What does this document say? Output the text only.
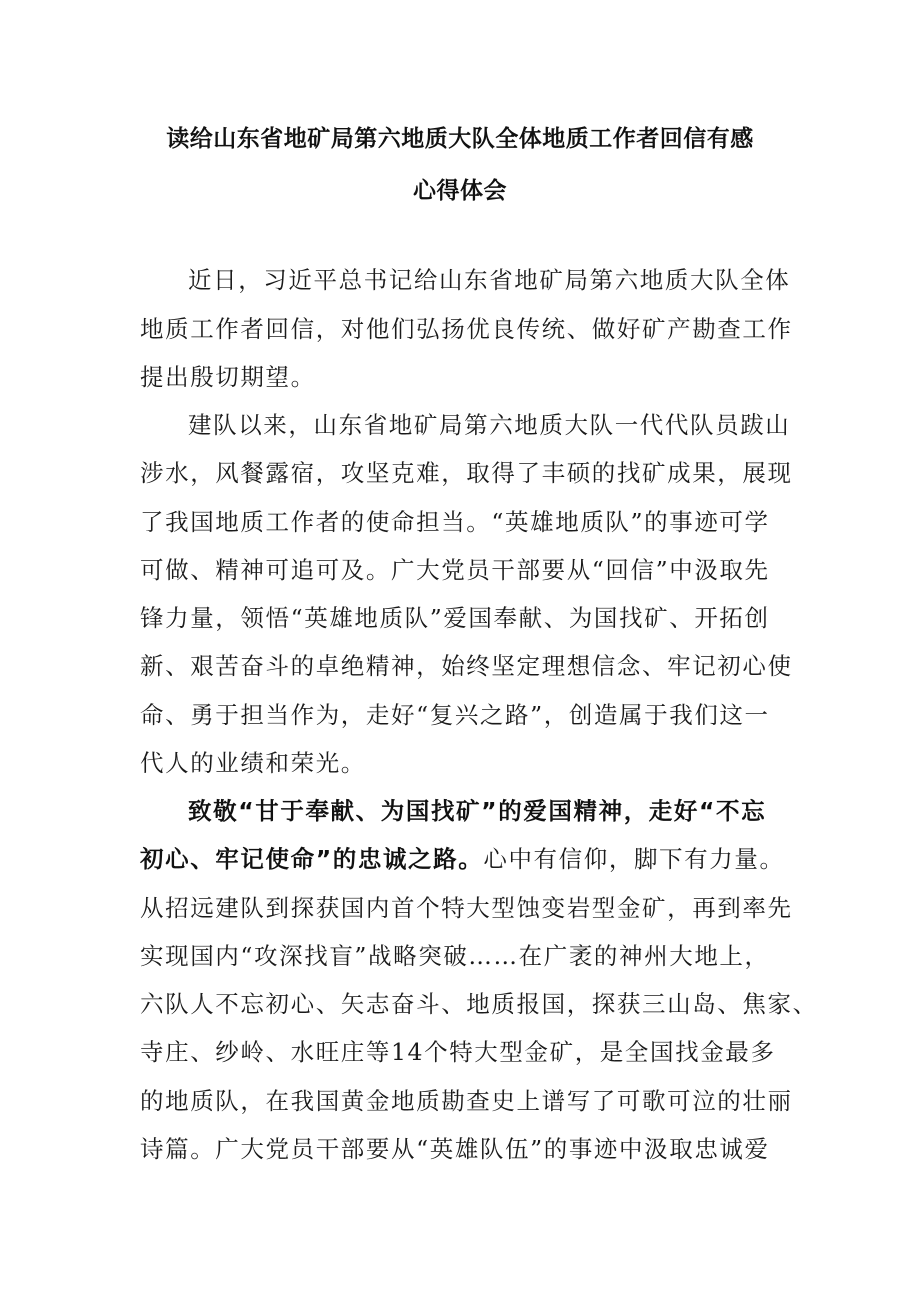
读给山东省地矿局第六地质大队全体地质工作者回信有感
心得体会
近日，习近平总书记给山东省地矿局第六地质大队全体
地质工作者回信，对他们弘扬优良传统、做好矿产勘查工作
提出殷切期望。
建队以来，山东省地矿局第六地质大队一代代队员跋山
涉水，风餐露宿，攻坚克难，取得了丰硕的找矿成果，展现
了我国地质工作者的使命担当。“英雄地质队”的事迹可学
可做、精神可追可及。广大党员干部要从“回信”中汲取先
锋力量，领悟“英雄地质队”爱国奉献、为国找矿、开拓创
新、艰苦奋斗的卓绝精神，始终坚定理想信念、牢记初心使
命、勇于担当作为，走好“复兴之路”，创造属于我们这一
代人的业绩和荣光。
致敬“甘于奉献、为国找矿”的爱国精神，走好“不忘
初心、牢记使命”的忠诚之路。心中有信仰，脚下有力量。
从招远建队到探获国内首个特大型蚀变岩型金矿，再到率先
实现国内“攻深找盲”战略突破……在广袤的神州大地上，
六队人不忘初心、矢志奋斗、地质报国，探获三山岛、焦家、
寺庄、纱岭、水旺庄等14个特大型金矿，是全国找金最多
的地质队，在我国黄金地质勘查史上谱写了可歌可泣的壮丽
诗篇。广大党员干部要从“英雄队伍”的事迹中汲取忠诚爱
